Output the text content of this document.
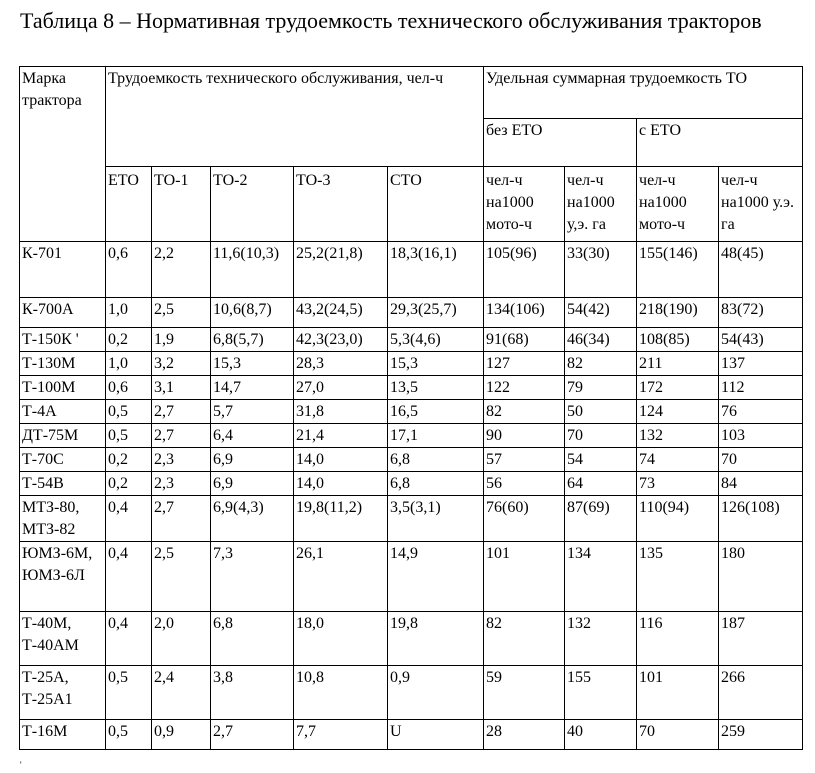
Таблица 8 – Нормативная трудоемкость технического обслуживания тракторов
Марка трактора	Трудоемкость технического обслуживания, чел-ч					Удельная суммарная трудоемкость ТО			
						без ЕТО		с ЕТО	
	ЕТО	ТО-1	ТО-2	ТО-3	СТО	чел-ч на1000 мото-ч	чел-ч на1000 у,э. га	чел-ч на1000 мото-ч	чел-ч на1000 у.э. га
К-701	0,6	2,2	11,6(10,3)	25,2(21,8)	18,3(16,1)	105(96)	33(30)	155(146)	48(45)
К-700А	1,0	2,5	10,6(8,7)	43,2(24,5)	29,3(25,7)	134(106)	54(42)	218(190)	83(72)
Т-150К '	0,2	1,9	6,8(5,7)	42,3(23,0)	5,3(4,6)	91(68)	46(34)	108(85)	54(43)
Т-130М	1,0	3,2	15,3	28,3	15,3	127	82	211	137
Т-100М	0,6	3,1	14,7	27,0	13,5	122	79	172	112
Т-4А	0,5	2,7	5,7	31,8	16,5	82	50	124	76
ДТ-75М	0,5	2,7	6,4	21,4	17,1	90	70	132	103
Т-70С	0,2	2,3	6,9	14,0	6,8	57	54	74	70
Т-54В	0,2	2,3	6,9	14,0	6,8	56	64	73	84
МТЗ-80, МТЗ-82	0,4	2,7	6,9(4,3)	19,8(11,2)	3,5(3,1)	76(60)	87(69)	110(94)	126(108)
ЮМЗ-6М, ЮМЗ-6Л	0,4	2,5	7,3	26,1	14,9	101	134	135	180
Т-40М, Т-40АМ	0,4	2,0	6,8	18,0	19,8	82	132	116	187
Т-25А, Т-25А1	0,5	2,4	3,8	10,8	0,9	59	155	101	266
Т-16М	0,5	0,9	2,7	7,7	U	28	40	70	259
'
